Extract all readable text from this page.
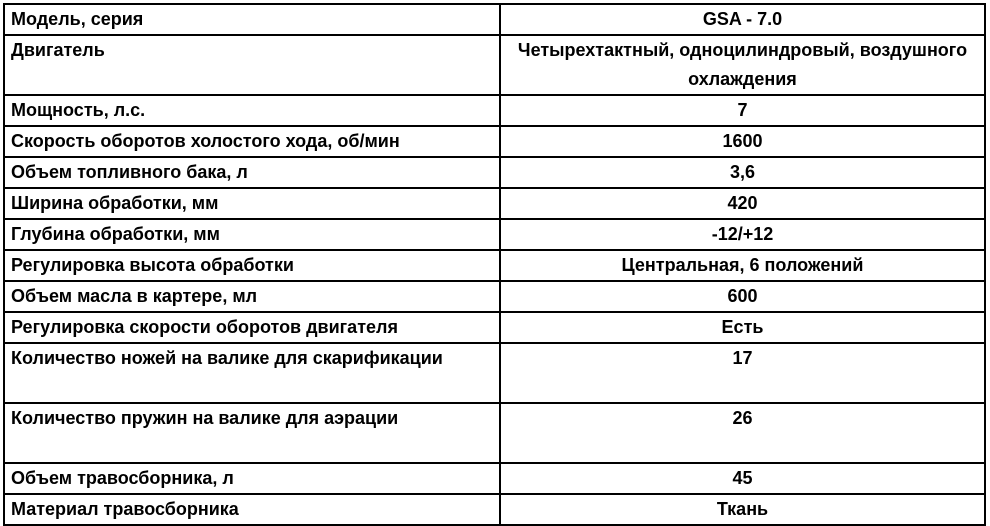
Модель, серия	GSA - 7.0
Двигатель	Четырехтактный, одноцилиндровый, воздушного охлаждения
Мощность, л.с.	7
Скорость оборотов холостого хода, об/мин	1600
Объем топливного бака, л	3,6
Ширина обработки, мм	420
Глубина обработки, мм	-12/+12
Регулировка высота обработки	Центральная, 6 положений
Объем масла в картере, мл	600
Регулировка скорости оборотов двигателя	Есть
Количество ножей на валике для скарификации	17
Количество пружин на валике для аэрации	26
Объем травосборника, л	45
Материал травосборника	Ткань
